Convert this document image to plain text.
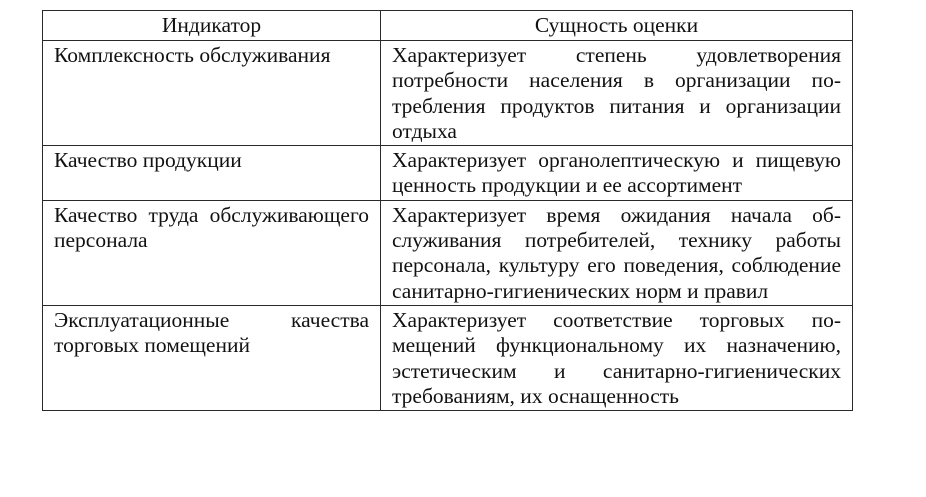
Индикатор	Сущность оценки

Комплексность обслуживания	Характеризует степень удовлетворения потребности населения в организации потребления продуктов питания и организации отдыха

Качество продукции	Характеризует органолептическую и пищевую ценность продукции и ее ассортимент

Качество труда обслуживающего персонала	Характеризует время ожидания начала обслуживания потребителей, технику работы персонала, культуру его поведения, соблюдение санитарно-гигиенических норм и правил

Эксплуатационные качества торговых помещений	Характеризует соответствие торговых помещений функциональному их назначению, эстетическим и санитарно-гигиенических требованиям, их оснащенность
